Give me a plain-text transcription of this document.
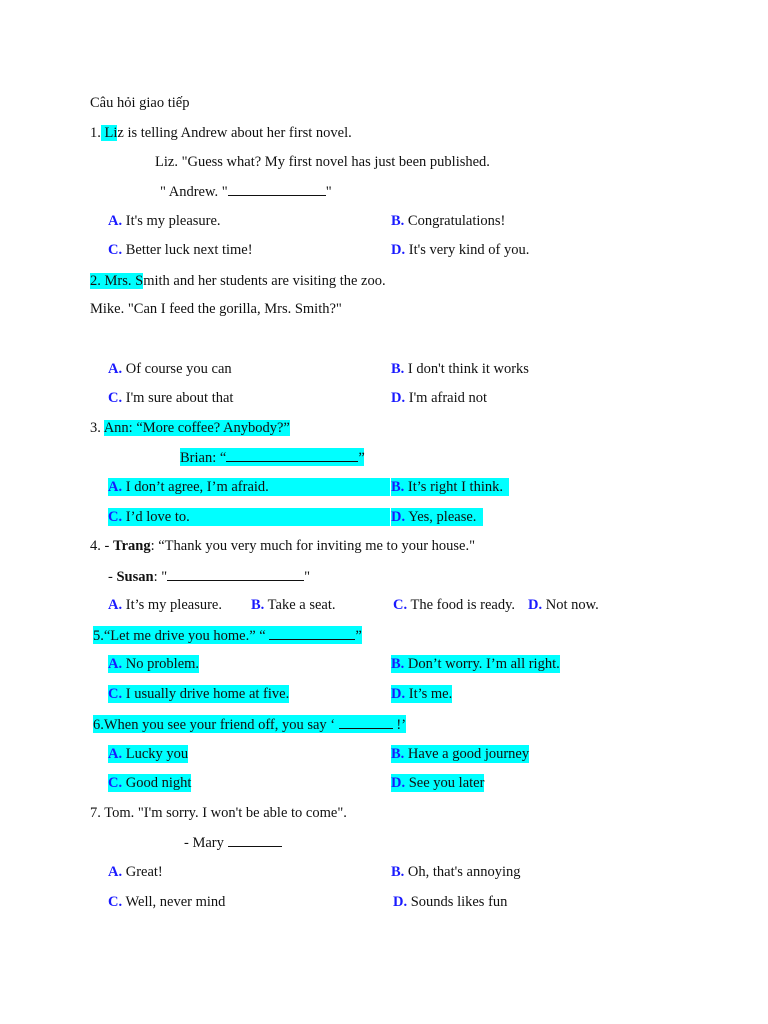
Câu hỏi giao tiếp
1. Liz is telling Andrew about her first novel.
Liz. "Guess what? My first novel has just been published.
" Andrew. "	"
A. It's my pleasure.	B. Congratulations!
C. Better luck next time!	D. It's very kind of you.
2. Mrs. Smith and her students are visiting the zoo.
Mike. "Can I feed the gorilla, Mrs. Smith?"
A. Of course you can	B. I don't think it works
C. I'm sure about that	D. I'm afraid not
3. Ann: “More coffee? Anybody?”
Brian: “	”
A. I don’t agree, I’m afraid.	B. It’s right I think.
C. I’d love to.	D. Yes, please.
4. - Trang: “Thank you very much for inviting me to your house."
- Susan: "	"
A. It’s my pleasure. B. Take a seat.	C. The food is ready. D. Not now.
5.“Let me drive you home.” “	”
A. No problem.	B. Don’t worry. I’m all right.
C. I usually drive home at five.	D. It’s me.
6.When you see your friend off, you say ‘	!’
A. Lucky you	B. Have a good journey
C. Good night	D. See you later
7. Tom. "I'm sorry. I won't be able to come".
- Mary
A. Great!	B. Oh, that's annoying
C. Well, never mind	D. Sounds likes fun
